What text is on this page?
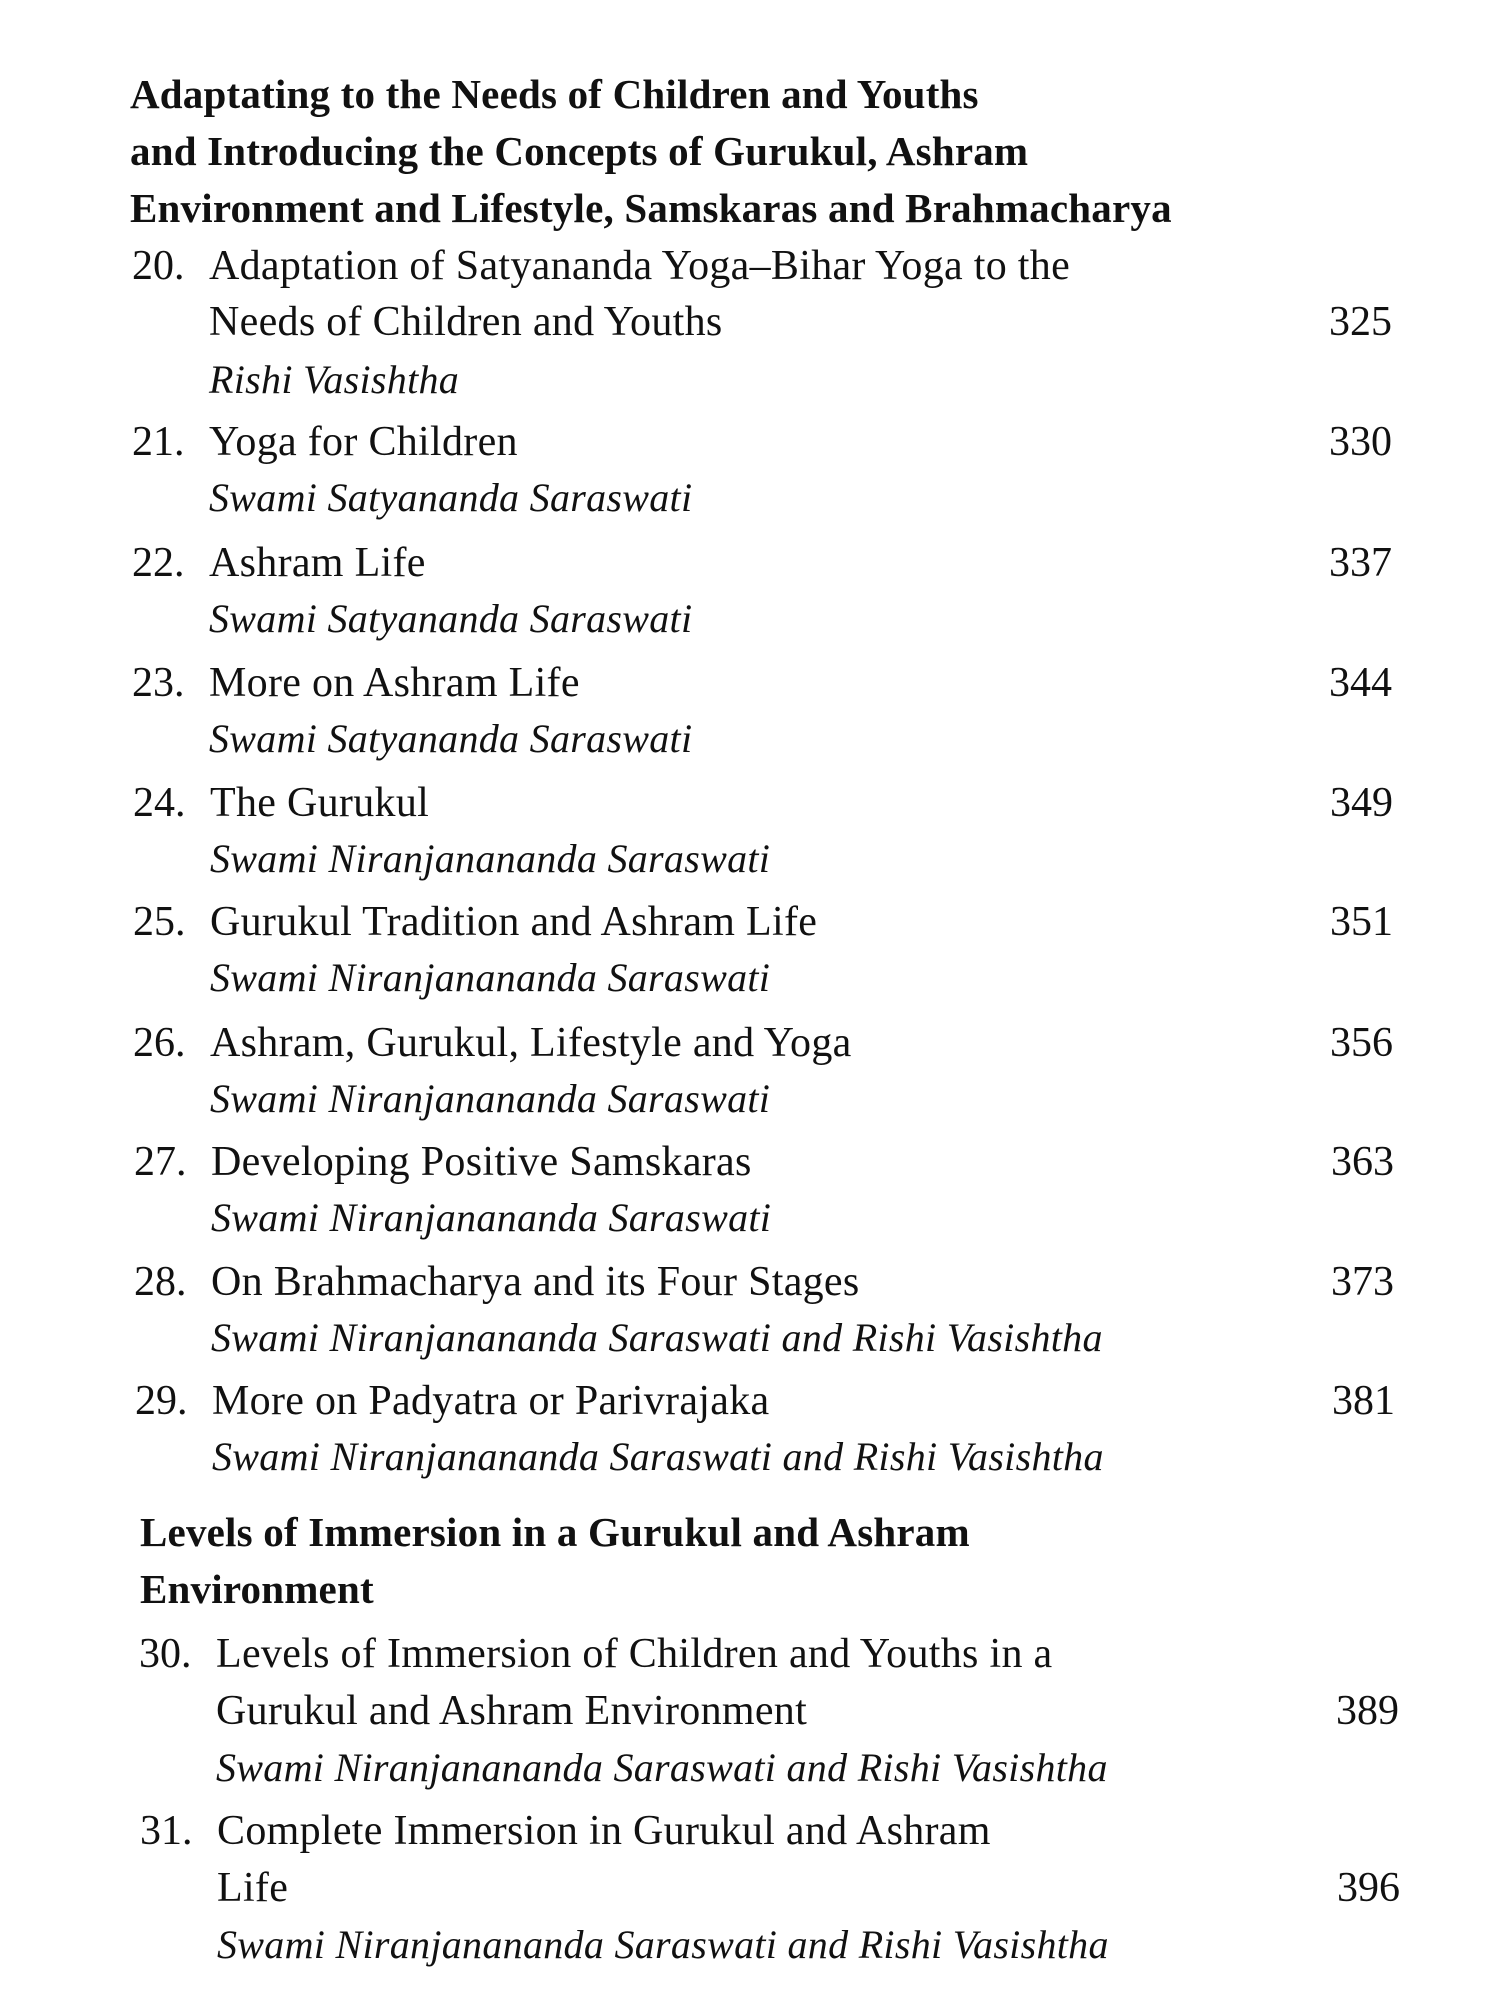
Adaptating to the Needs of Children and Youths
and Introducing the Concepts of Gurukul, Ashram
Environment and Lifestyle, Samskaras and Brahmacharya
20. Adaptation of Satyananda Yoga–Bihar Yoga to the
Needs of Children and Youths	325
Rishi Vasishtha
21. Yoga for Children	330
Swami Satyananda Saraswati
22. Ashram Life	337
Swami Satyananda Saraswati
23. More on Ashram Life	344
Swami Satyananda Saraswati
24. The Gurukul	349
Swami Niranjanananda Saraswati
25. Gurukul Tradition and Ashram Life	351
Swami Niranjanananda Saraswati
26. Ashram, Gurukul, Lifestyle and Yoga	356
Swami Niranjanananda Saraswati
27. Developing Positive Samskaras	363
Swami Niranjanananda Saraswati
28. On Brahmacharya and its Four Stages	373
Swami Niranjanananda Saraswati and Rishi Vasishtha
29. More on Padyatra or Parivrajaka	381
Swami Niranjanananda Saraswati and Rishi Vasishtha
Levels of Immersion in a Gurukul and Ashram
Environment
30. Levels of Immersion of Children and Youths in a
Gurukul and Ashram Environment	389
Swami Niranjanananda Saraswati and Rishi Vasishtha
31. Complete Immersion in Gurukul and Ashram
Life	396
Swami Niranjanananda Saraswati and Rishi Vasishtha
